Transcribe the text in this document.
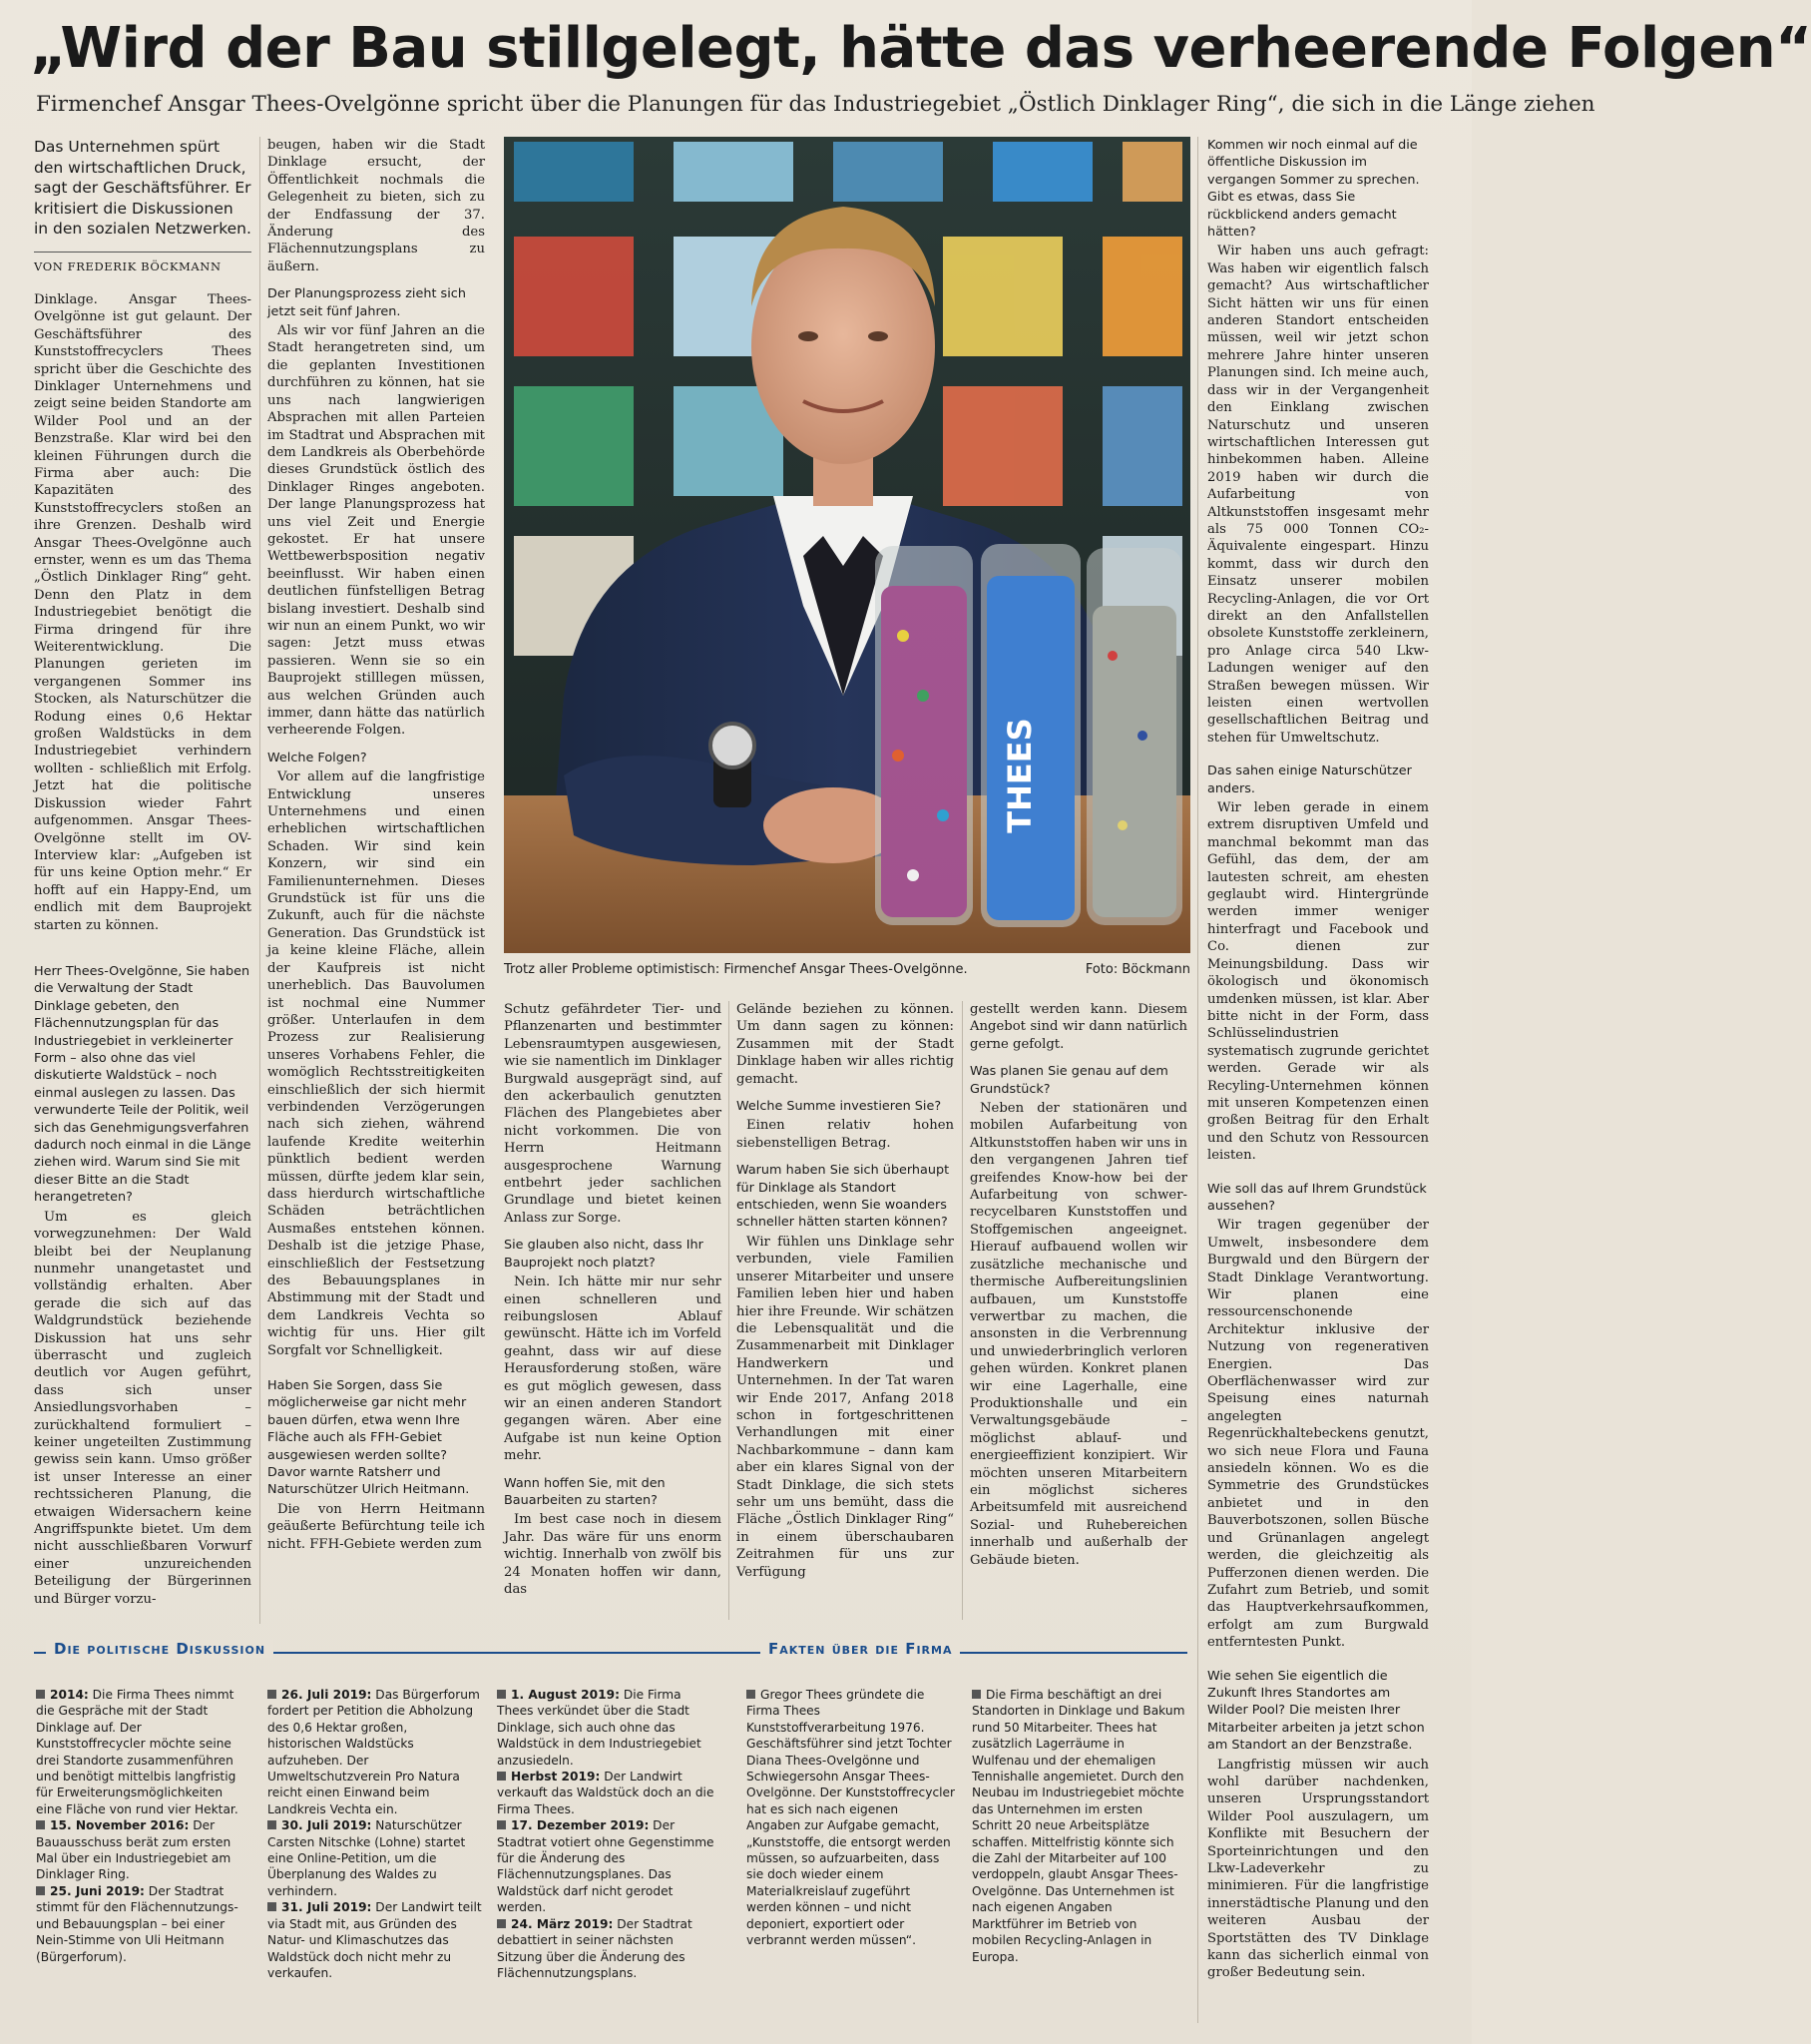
„Wird der Bau stillgelegt, hätte das verheerende Folgen“
Firmenchef Ansgar Thees-Ovelgönne spricht über die Planungen für das Industriegebiet „Östlich Dinklager Ring“, die sich in die Länge ziehen
Das Unternehmen spürt den wirtschaftlichen Druck, sagt der Geschäftsführer. Er kritisiert die Diskussionen in den sozialen Netzwerken.
VON FREDERIK BÖCKMANN

Dinklage. Ansgar Thees-Ovelgönne ist gut gelaunt. Der Geschäftsführer des Kunststoffrecyclers Thees spricht über die Geschichte des Dinklager Unternehmens und zeigt seine beiden Standorte am Wilder Pool und an der Benzstraße. Klar wird bei den kleinen Führungen durch die Firma aber auch: Die Kapazitäten des Kunststoffrecyclers stoßen an ihre Grenzen. Deshalb wird Ansgar Thees-Ovelgönne auch ernster, wenn es um das Thema „Östlich Dinklager Ring“ geht. Denn den Platz in dem Industriegebiet benötigt die Firma dringend für ihre Weiterentwicklung. Die Planungen gerieten im vergangenen Sommer ins Stocken, als Naturschützer die Rodung eines 0,6 Hektar großen Waldstücks in dem Industriegebiet verhindern wollten - schließlich mit Erfolg. Jetzt hat die politische Diskussion wieder Fahrt aufgenommen. Ansgar Thees-Ovelgönne stellt im OV-Interview klar: „Aufgeben ist für uns keine Option mehr.“ Er hofft auf ein Happy-End, um endlich mit dem Bauprojekt starten zu können.

Herr Thees-Ovelgönne, Sie haben die Verwaltung der Stadt Dinklage gebeten, den Flächennutzungsplan für das Industriegebiet in verkleinerter Form – also ohne das viel diskutierte Waldstück – noch einmal auslegen zu lassen. Das verwunderte Teile der Politik, weil sich das Genehmigungsverfahren dadurch noch einmal in die Länge ziehen wird. Warum sind Sie mit dieser Bitte an die Stadt herangetreten?

Um es gleich vorwegzunehmen: Der Wald bleibt bei der Neuplanung nunmehr unangetastet und vollständig erhalten. Aber gerade die sich auf das Waldgrundstück beziehende Diskussion hat uns sehr überrascht und zugleich deutlich vor Augen geführt, dass sich unser Ansiedlungsvorhaben – zurückhaltend formuliert – keiner ungeteilten Zustimmung gewiss sein kann. Umso größer ist unser Interesse an einer rechtssicheren Planung, die etwaigen Widersachern keine Angriffspunkte bietet. Um dem nicht ausschließbaren Vorwurf einer unzureichenden Beteiligung der Bürgerinnen und Bürger vorzu-

beugen, haben wir die Stadt Dinklage ersucht, der Öffentlichkeit nochmals die Gelegenheit zu bieten, sich zu der Endfassung der 37. Änderung des Flächennutzungsplans zu äußern.

Der Planungsprozess zieht sich jetzt seit fünf Jahren.

Als wir vor fünf Jahren an die Stadt herangetreten sind, um die geplanten Investitionen durchführen zu können, hat sie uns nach langwierigen Absprachen mit allen Parteien im Stadtrat und Absprachen mit dem Landkreis als Oberbehörde dieses Grundstück östlich des Dinklager Ringes angeboten. Der lange Planungsprozess hat uns viel Zeit und Energie gekostet. Er hat unsere Wettbewerbsposition negativ beeinflusst. Wir haben einen deutlichen fünfstelligen Betrag bislang investiert. Deshalb sind wir nun an einem Punkt, wo wir sagen: Jetzt muss etwas passieren. Wenn sie so ein Bauprojekt stilllegen müssen, aus welchen Gründen auch immer, dann hätte das natürlich verheerende Folgen.

Welche Folgen?

Vor allem auf die langfristige Entwicklung unseres Unternehmens und einen erheblichen wirtschaftlichen Schaden. Wir sind kein Konzern, wir sind ein Familienunternehmen. Dieses Grundstück ist für uns die Zukunft, auch für die nächste Generation. Das Grundstück ist ja keine kleine Fläche, allein der Kaufpreis ist nicht unerheblich. Das Bauvolumen ist nochmal eine Nummer größer. Unterlaufen in dem Prozess zur Realisierung unseres Vorhabens Fehler, die womöglich Rechtsstreitigkeiten einschließlich der sich hiermit verbindenden Verzögerungen nach sich ziehen, während laufende Kredite weiterhin pünktlich bedient werden müssen, dürfte jedem klar sein, dass hierdurch wirtschaftliche Schäden beträchtlichen Ausmaßes entstehen können. Deshalb ist die jetzige Phase, einschließlich der Festsetzung des Bebauungsplanes in Abstimmung mit der Stadt und dem Landkreis Vechta so wichtig für uns. Hier gilt Sorgfalt vor Schnelligkeit.

Haben Sie Sorgen, dass Sie möglicherweise gar nicht mehr bauen dürfen, etwa wenn Ihre Fläche auch als FFH-Gebiet ausgewiesen werden sollte? Davor warnte Ratsherr und Naturschützer Ulrich Heitmann.

Die von Herrn Heitmann geäußerte Befürchtung teile ich nicht. FFH-Gebiete werden zum

THEES
Trotz aller Probleme optimistisch: Firmenchef Ansgar Thees-Ovelgönne.	Foto: Böckmann

Schutz gefährdeter Tier- und Pflanzenarten und bestimmter Lebensraumtypen ausgewiesen, wie sie namentlich im Dinklager Burgwald ausgeprägt sind, auf den ackerbaulich genutzten Flächen des Plangebietes aber nicht vorkommen. Die von Herrn Heitmann ausgesprochene Warnung entbehrt jeder sachlichen Grundlage und bietet keinen Anlass zur Sorge.

Sie glauben also nicht, dass Ihr Bauprojekt noch platzt?

Nein. Ich hätte mir nur sehr einen schnelleren und reibungslosen Ablauf gewünscht. Hätte ich im Vorfeld geahnt, dass wir auf diese Herausforderung stoßen, wäre es gut möglich gewesen, dass wir an einen anderen Standort gegangen wären. Aber eine Aufgabe ist nun keine Option mehr.

Wann hoffen Sie, mit den Bauarbeiten zu starten?

Im best case noch in diesem Jahr. Das wäre für uns enorm wichtig. Innerhalb von zwölf bis 24 Monaten hoffen wir dann, das

Gelände beziehen zu können. Um dann sagen zu können: Zusammen mit der Stadt Dinklage haben wir alles richtig gemacht.

Welche Summe investieren Sie?

Einen relativ hohen siebenstelligen Betrag.

Warum haben Sie sich überhaupt für Dinklage als Standort entschieden, wenn Sie woanders schneller hätten starten können?

Wir fühlen uns Dinklage sehr verbunden, viele Familien unserer Mitarbeiter und unsere Familien leben hier und haben hier ihre Freunde. Wir schätzen die Lebensqualität und die Zusammenarbeit mit Dinklager Handwerkern und Unternehmen. In der Tat waren wir Ende 2017, Anfang 2018 schon in fortgeschrittenen Verhandlungen mit einer Nachbarkommune – dann kam aber ein klares Signal von der Stadt Dinklage, die sich stets sehr um uns bemüht, dass die Fläche „Östlich Dinklager Ring“ in einem überschaubaren Zeitrahmen für uns zur Verfügung

gestellt werden kann. Diesem Angebot sind wir dann natürlich gerne gefolgt.

Was planen Sie genau auf dem Grundstück?

Neben der stationären und mobilen Aufarbeitung von Altkunststoffen haben wir uns in den vergangenen Jahren tief greifendes Know-how bei der Aufarbeitung von schwer-recycelbaren Kunststoffen und Stoffgemischen angeeignet. Hierauf aufbauend wollen wir zusätzliche mechanische und thermische Aufbereitungslinien aufbauen, um Kunststoffe verwertbar zu machen, die ansonsten in die Verbrennung und unwiederbringlich verloren gehen würden. Konkret planen wir eine Lagerhalle, eine Produktionshalle und ein Verwaltungsgebäude – möglichst ablauf- und energieeffizient konzipiert. Wir möchten unseren Mitarbeitern ein möglichst sicheres Arbeitsumfeld mit ausreichend Sozial- und Ruhebereichen innerhalb und außerhalb der Gebäude bieten.

Kommen wir noch einmal auf die öffentliche Diskussion im vergangen Sommer zu sprechen. Gibt es etwas, dass Sie rückblickend anders gemacht hätten?

Wir haben uns auch gefragt: Was haben wir eigentlich falsch gemacht? Aus wirtschaftlicher Sicht hätten wir uns für einen anderen Standort entscheiden müssen, weil wir jetzt schon mehrere Jahre hinter unseren Planungen sind. Ich meine auch, dass wir in der Vergangenheit den Einklang zwischen Naturschutz und unseren wirtschaftlichen Interessen gut hinbekommen haben. Alleine 2019 haben wir durch die Aufarbeitung von Altkunststoffen insgesamt mehr als 75 000 Tonnen CO₂-Äquivalente eingespart. Hinzu kommt, dass wir durch den Einsatz unserer mobilen Recycling-Anlagen, die vor Ort direkt an den Anfallstellen obsolete Kunststoffe zerkleinern, pro Anlage circa 540 Lkw-Ladungen weniger auf den Straßen bewegen müssen. Wir leisten einen wertvollen gesellschaftlichen Beitrag und stehen für Umweltschutz.

Das sahen einige Naturschützer anders.

Wir leben gerade in einem extrem disruptiven Umfeld und manchmal bekommt man das Gefühl, das dem, der am lautesten schreit, am ehesten geglaubt wird. Hintergründe werden immer weniger hinterfragt und Facebook und Co. dienen zur Meinungsbildung. Dass wir ökologisch und ökonomisch umdenken müssen, ist klar. Aber bitte nicht in der Form, dass Schlüsselindustrien systematisch zugrunde gerichtet werden. Gerade wir als Recyling-Unternehmen können mit unseren Kompetenzen einen großen Beitrag für den Erhalt und den Schutz von Ressourcen leisten.

Wie soll das auf Ihrem Grundstück aussehen?

Wir tragen gegenüber der Umwelt, insbesondere dem Burgwald und den Bürgern der Stadt Dinklage Verantwortung. Wir planen eine ressourcenschonende Architektur inklusive der Nutzung von regenerativen Energien. Das Oberflächenwasser wird zur Speisung eines naturnah angelegten Regenrückhaltebeckens genutzt, wo sich neue Flora und Fauna ansiedeln können. Wo es die Symmetrie des Grundstückes anbietet und in den Bauverbotszonen, sollen Büsche und Grünanlagen angelegt werden, die gleichzeitig als Pufferzonen dienen werden. Die Zufahrt zum Betrieb, und somit das Hauptverkehrsaufkommen, erfolgt am zum Burgwald entferntesten Punkt.

Wie sehen Sie eigentlich die Zukunft Ihres Standortes am Wilder Pool? Die meisten Ihrer Mitarbeiter arbeiten ja jetzt schon am Standort an der Benzstraße.

Langfristig müssen wir auch wohl darüber nachdenken, unseren Ursprungsstandort Wilder Pool auszulagern, um Konflikte mit Besuchern der Sporteinrichtungen und den Lkw-Ladeverkehr zu minimieren. Für die langfristige innerstädtische Planung und den weiteren Ausbau der Sportstätten des TV Dinklage kann das sicherlich einmal von großer Bedeutung sein.

Die politische Diskussion	Fakten über die Firma
2014: Die Firma Thees nimmt die Gespräche mit der Stadt Dinklage auf. Der Kunststoffrecycler möchte seine drei Standorte zusammenführen und benötigt mittelbis langfristig für Erweiterungsmöglichkeiten eine Fläche von rund vier Hektar.
15. November 2016: Der Bauausschuss berät zum ersten Mal über ein Industriegebiet am Dinklager Ring.
25. Juni 2019: Der Stadtrat stimmt für den Flächennutzungs- und Bebauungsplan – bei einer Nein-Stimme von Uli Heitmann (Bürgerforum).
26. Juli 2019: Das Bürgerforum fordert per Petition die Abholzung des 0,6 Hektar großen, historischen Waldstücks aufzuheben. Der Umweltschutzverein Pro Natura reicht einen Einwand beim Landkreis Vechta ein.
30. Juli 2019: Naturschützer Carsten Nitschke (Lohne) startet eine Online-Petition, um die Überplanung des Waldes zu verhindern.
31. Juli 2019: Der Landwirt teilt via Stadt mit, aus Gründen des Natur- und Klimaschutzes das Waldstück doch nicht mehr zu verkaufen.
1. August 2019: Die Firma Thees verkündet über die Stadt Dinklage, sich auch ohne das Waldstück in dem Industriegebiet anzusiedeln.
Herbst 2019: Der Landwirt verkauft das Waldstück doch an die Firma Thees.
17. Dezember 2019: Der Stadtrat votiert ohne Gegenstimme für die Änderung des Flächennutzungsplanes. Das Waldstück darf nicht gerodet werden.
24. März 2019: Der Stadtrat debattiert in seiner nächsten Sitzung über die Änderung des Flächennutzungsplans.
Gregor Thees gründete die Firma Thees Kunststoffverarbeitung 1976. Geschäftsführer sind jetzt Tochter Diana Thees-Ovelgönne und Schwiegersohn Ansgar Thees-Ovelgönne. Der Kunststoffrecycler hat es sich nach eigenen Angaben zur Aufgabe gemacht, „Kunststoffe, die entsorgt werden müssen, so aufzuarbeiten, dass sie doch wieder einem Materialkreislauf zugeführt werden können – und nicht deponiert, exportiert oder verbrannt werden müssen“.
Die Firma beschäftigt an drei Standorten in Dinklage und Bakum rund 50 Mitarbeiter. Thees hat zusätzlich Lagerräume in Wulfenau und der ehemaligen Tennishalle angemietet. Durch den Neubau im Industriegebiet möchte das Unternehmen im ersten Schritt 20 neue Arbeitsplätze schaffen. Mittelfristig könnte sich die Zahl der Mitarbeiter auf 100 verdoppeln, glaubt Ansgar Thees-Ovelgönne. Das Unternehmen ist nach eigenen Angaben Marktführer im Betrieb von mobilen Recycling-Anlagen in Europa.
